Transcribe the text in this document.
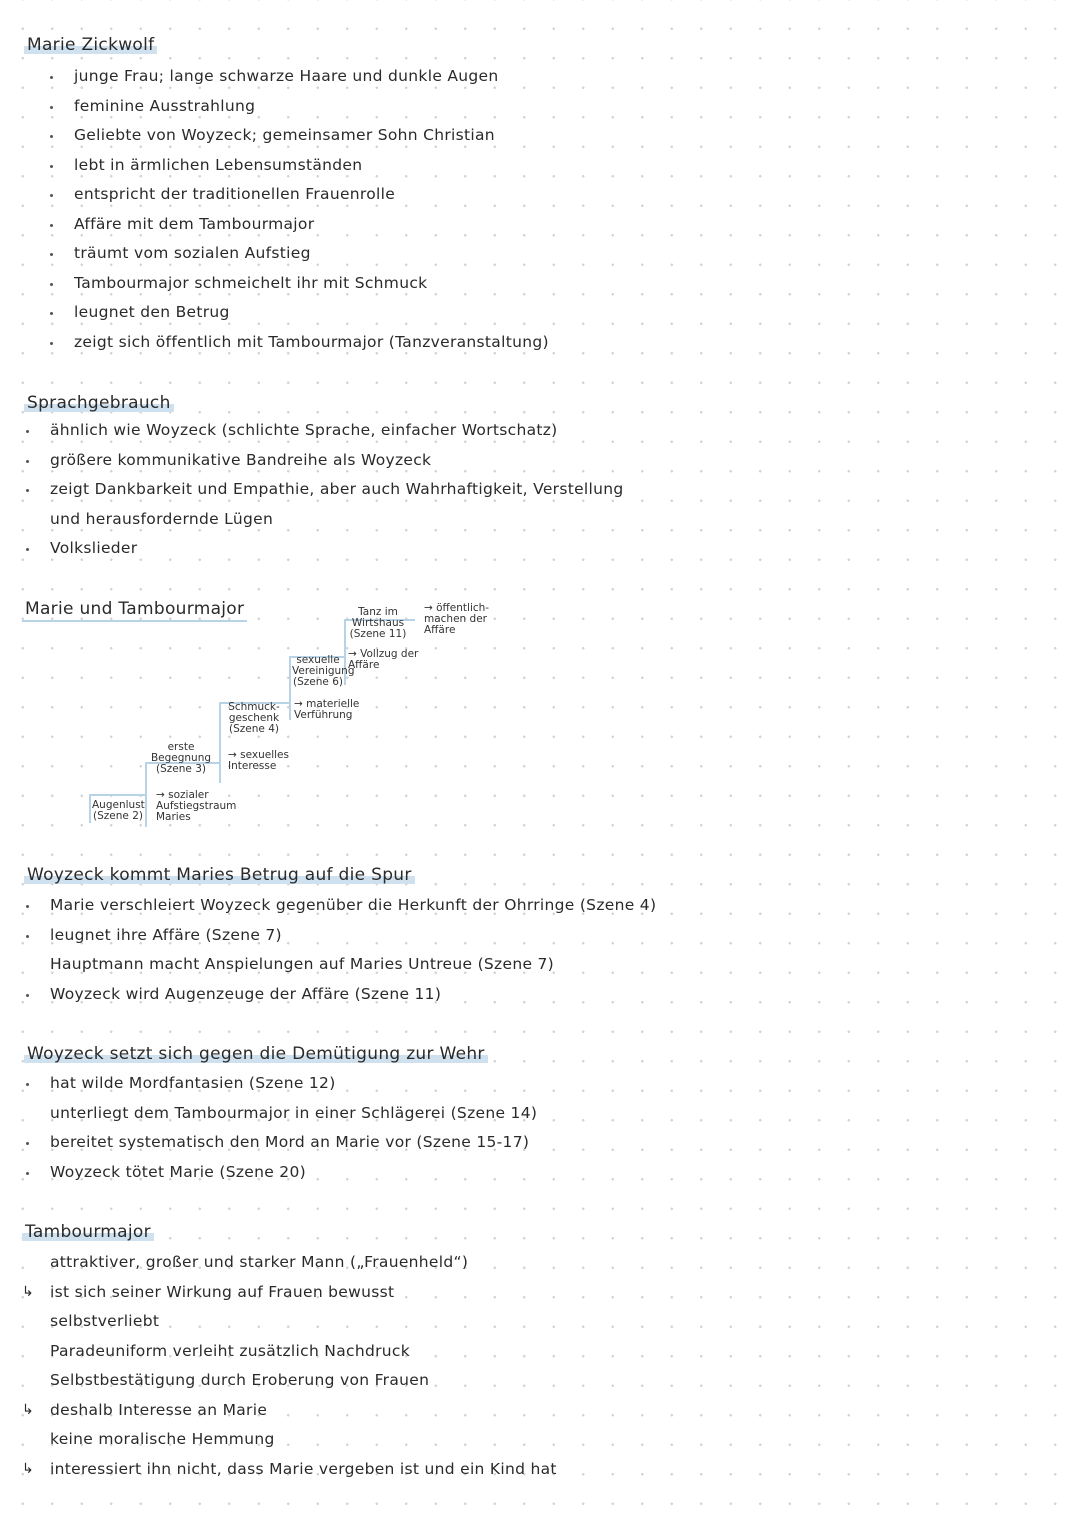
Marie Zickwolf
junge Frau; lange schwarze Haare und dunkle Augen
feminine Ausstrahlung
Geliebte von Woyzeck; gemeinsamer Sohn Christian
lebt in ärmlichen Lebensumständen
entspricht der traditionellen Frauenrolle
Affäre mit dem Tambourmajor
träumt vom sozialen Aufstieg
Tambourmajor schmeichelt ihr mit Schmuck
leugnet den Betrug
zeigt sich öffentlich mit Tambourmajor (Tanzveranstaltung)
Sprachgebrauch
ähnlich wie Woyzeck (schlichte Sprache, einfacher Wortschatz)
größere kommunikative Bandreihe als Woyzeck
zeigt Dankbarkeit und Empathie, aber auch Wahrhaftigkeit, Verstellung
und herausfordernde Lügen
Volkslieder
Marie und Tambourmajor
Augenlust (Szene 2)
→ sozialer Aufstiegstraum Maries
erste Begegnung (Szene 3)
→ sexuelles Interesse
Schmuck-geschenk (Szene 4)
→ materielle Verführung
sexuelle Vereinigung (Szene 6)
→ Vollzug der Affäre
Tanz im Wirtshaus (Szene 11)
→ öffentlich-machen der Affäre
Woyzeck kommt Maries Betrug auf die Spur
Marie verschleiert Woyzeck gegenüber die Herkunft der Ohrringe (Szene 4)
leugnet ihre Affäre (Szene 7)
Hauptmann macht Anspielungen auf Maries Untreue (Szene 7)
Woyzeck wird Augenzeuge der Affäre (Szene 11)
Woyzeck setzt sich gegen die Demütigung zur Wehr
hat wilde Mordfantasien (Szene 12)
unterliegt dem Tambourmajor in einer Schlägerei (Szene 14)
bereitet systematisch den Mord an Marie vor (Szene 15-17)
Woyzeck tötet Marie (Szene 20)
Tambourmajor
attraktiver, großer und starker Mann („Frauenheld“)
↳ ist sich seiner Wirkung auf Frauen bewusst
selbstverliebt
Paradeuniform verleiht zusätzlich Nachdruck
Selbstbestätigung durch Eroberung von Frauen
↳ deshalb Interesse an Marie
keine moralische Hemmung
↳ interessiert ihn nicht, dass Marie vergeben ist und ein Kind hat
